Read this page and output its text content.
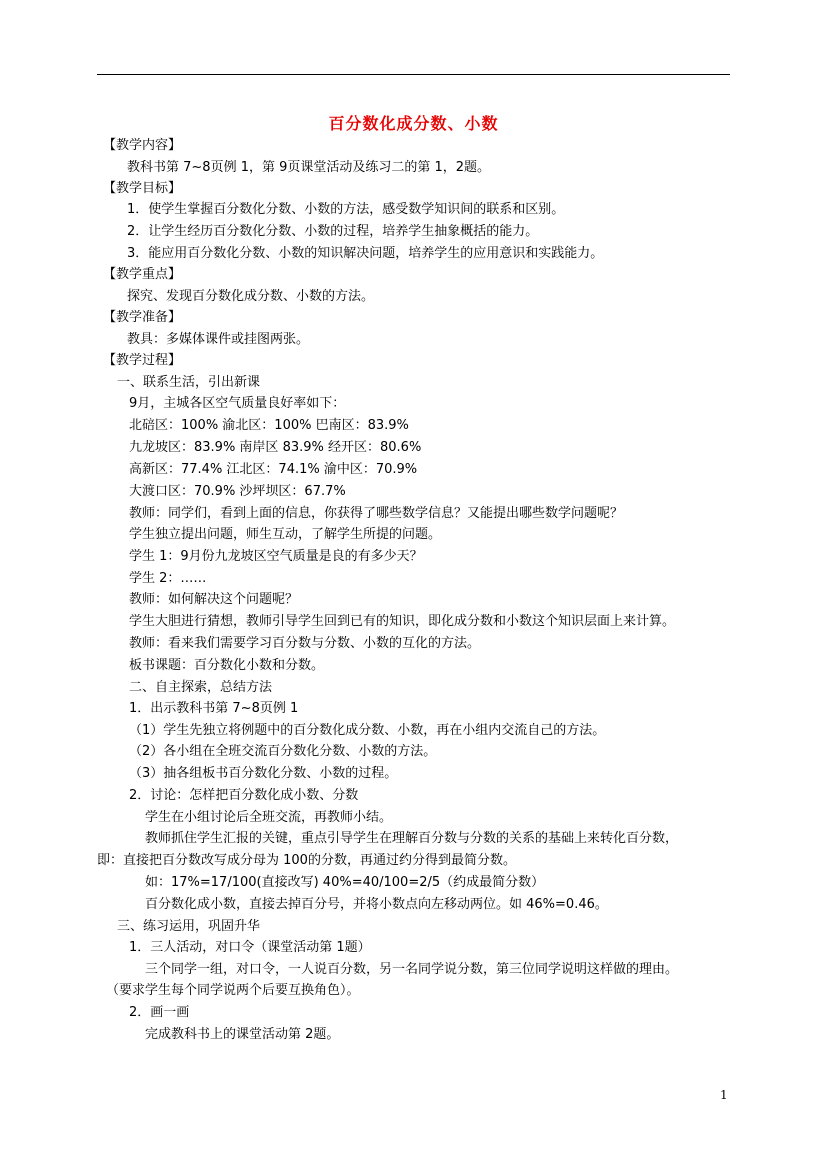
百分数化成分数、小数
【教学内容】
教科书第 7~8页例 1，第 9页课堂活动及练习二的第 1，2题。
【教学目标】
1．使学生掌握百分数化分数、小数的方法，感受数学知识间的联系和区别。
2．让学生经历百分数化分数、小数的过程，培养学生抽象概括的能力。
3．能应用百分数化分数、小数的知识解决问题，培养学生的应用意识和实践能力。
【教学重点】
探究、发现百分数化成分数、小数的方法。
【教学准备】
教具：多媒体课件或挂图两张。
【教学过程】
一、联系生活，引出新课
9月，主城各区空气质量良好率如下：
北碚区：100% 渝北区：100% 巴南区：83.9%
九龙坡区：83.9% 南岸区 83.9% 经开区：80.6%
高新区：77.4% 江北区：74.1% 渝中区：70.9%
大渡口区：70.9% 沙坪坝区：67.7%
教师：同学们，看到上面的信息，你获得了哪些数学信息？又能提出哪些数学问题呢？
学生独立提出问题，师生互动，了解学生所提的问题。
学生 1：9月份九龙坡区空气质量是良的有多少天？
学生 2：……
教师：如何解决这个问题呢？
学生大胆进行猜想，教师引导学生回到已有的知识，即化成分数和小数这个知识层面上来计算。
教师：看来我们需要学习百分数与分数、小数的互化的方法。
板书课题：百分数化小数和分数。
二、自主探索，总结方法
1．出示教科书第 7~8页例 1
（1）学生先独立将例题中的百分数化成分数、小数，再在小组内交流自己的方法。
（2）各小组在全班交流百分数化分数、小数的方法。
（3）抽各组板书百分数化分数、小数的过程。
2．讨论：怎样把百分数化成小数、分数
学生在小组讨论后全班交流，再教师小结。
教师抓住学生汇报的关键，重点引导学生在理解百分数与分数的关系的基础上来转化百分数，
即：直接把百分数改写成分母为 100的分数，再通过约分得到最简分数。
如：17%=17/100(直接改写) 40%=40/100=2/5（约成最简分数）
百分数化成小数，直接去掉百分号，并将小数点向左移动两位。如 46%=0.46。
三、练习运用，巩固升华
1．三人活动，对口令（课堂活动第 1题）
三个同学一组，对口令，一人说百分数，另一名同学说分数，第三位同学说明这样做的理由。
（要求学生每个同学说两个后要互换角色）。
2．画一画
完成教科书上的课堂活动第 2题。
1
